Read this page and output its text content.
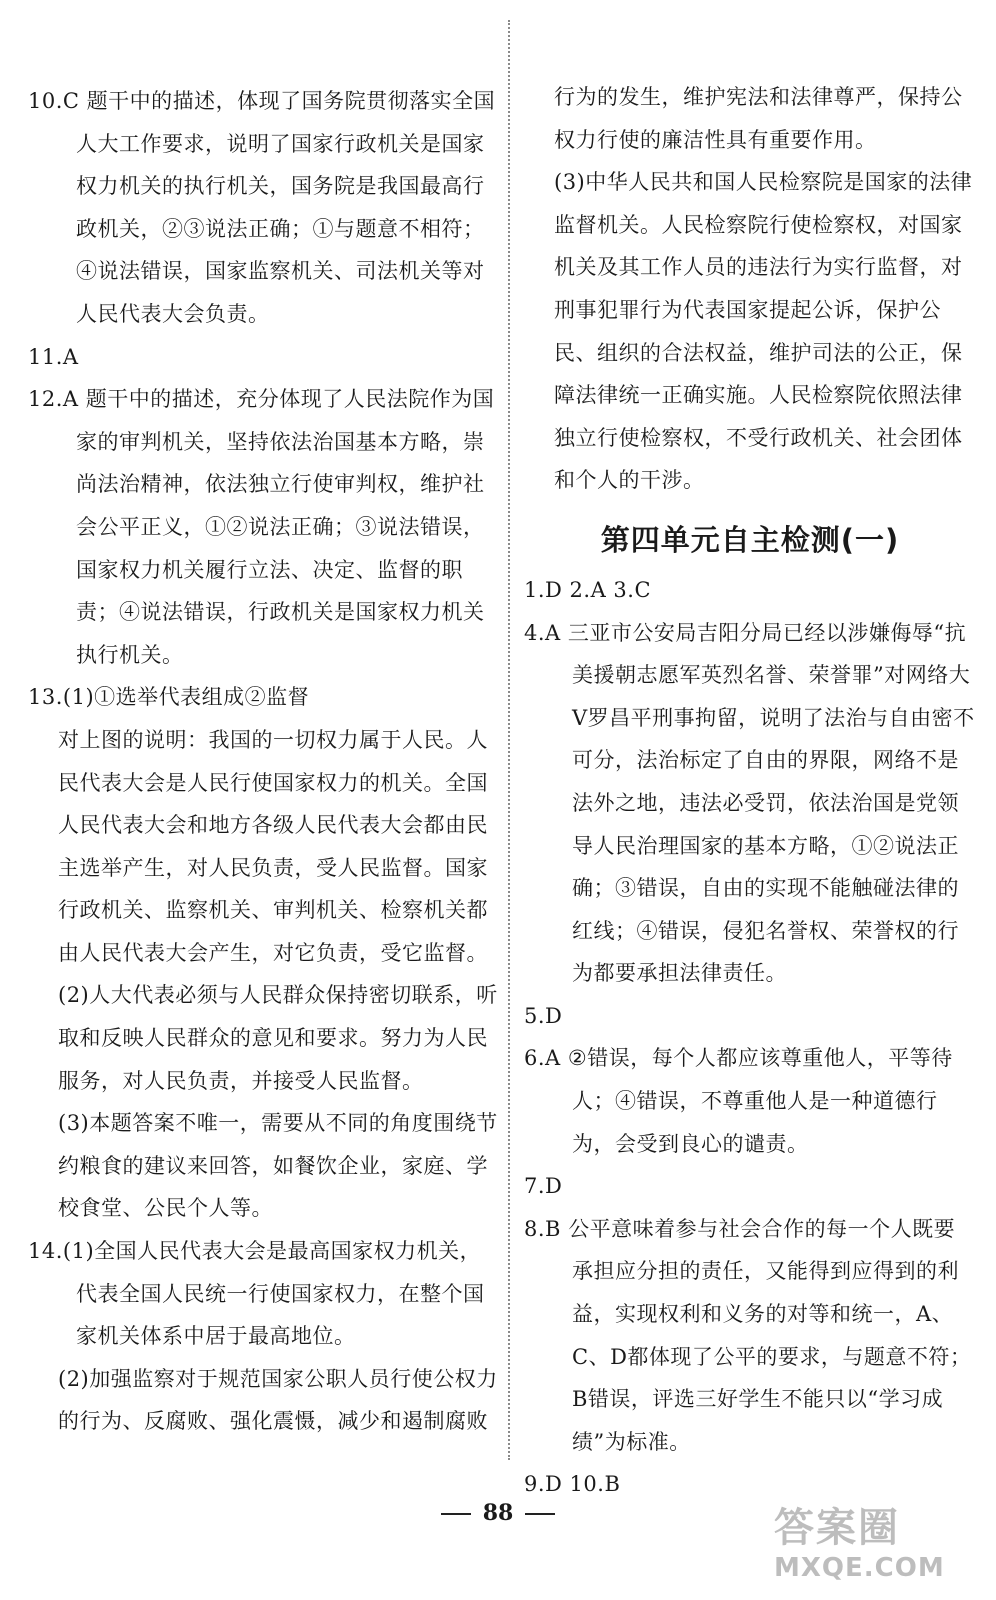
10.C 题干中的描述，体现了国务院贯彻落实全国人大工作要求，说明了国家行政机关是国家权力机关的执行机关，国务院是我国最高行政机关，②③说法正确；①与题意不相符；④说法错误，国家监察机关、司法机关等对人民代表大会负责。

11.A

12.A 题干中的描述，充分体现了人民法院作为国家的审判机关，坚持依法治国基本方略，崇尚法治精神，依法独立行使审判权，维护社会公平正义，①②说法正确；③说法错误，国家权力机关履行立法、决定、监督的职责；④说法错误，行政机关是国家权力机关执行机关。

13.(1)①选举代表组成②监督

对上图的说明：我国的一切权力属于人民。人民代表大会是人民行使国家权力的机关。全国人民代表大会和地方各级人民代表大会都由民主选举产生，对人民负责，受人民监督。国家行政机关、监察机关、审判机关、检察机关都由人民代表大会产生，对它负责，受它监督。

(2)人大代表必须与人民群众保持密切联系，听取和反映人民群众的意见和要求。努力为人民服务，对人民负责，并接受人民监督。

(3)本题答案不唯一，需要从不同的角度围绕节约粮食的建议来回答，如餐饮企业，家庭、学校食堂、公民个人等。

14.(1)全国人民代表大会是最高国家权力机关，代表全国人民统一行使国家权力，在整个国家机关体系中居于最高地位。

(2)加强监察对于规范国家公职人员行使公权力的行为、反腐败、强化震慑，减少和遏制腐败

行为的发生，维护宪法和法律尊严，保持公权力行使的廉洁性具有重要作用。

(3)中华人民共和国人民检察院是国家的法律监督机关。人民检察院行使检察权，对国家机关及其工作人员的违法行为实行监督，对刑事犯罪行为代表国家提起公诉，保护公民、组织的合法权益，维护司法的公正，保障法律统一正确实施。人民检察院依照法律独立行使检察权，不受行政机关、社会团体和个人的干涉。

第四单元自主检测(一)

1.D 2.A 3.C

4.A 三亚市公安局吉阳分局已经以涉嫌侮辱“抗美援朝志愿军英烈名誉、荣誉罪”对网络大V罗昌平刑事拘留，说明了法治与自由密不可分，法治标定了自由的界限，网络不是法外之地，违法必受罚，依法治国是党领导人民治理国家的基本方略，①②说法正确；③错误，自由的实现不能触碰法律的红线；④错误，侵犯名誉权、荣誉权的行为都要承担法律责任。

5.D

6.A ②错误，每个人都应该尊重他人，平等待人；④错误，不尊重他人是一种道德行为，会受到良心的谴责。

7.D

8.B 公平意味着参与社会合作的每一个人既要承担应分担的责任，又能得到应得到的利益，实现权利和义务的对等和统一，A、C、D都体现了公平的要求，与题意不符；B错误，评选三好学生不能只以“学习成绩”为标准。

9.D 10.B

88	答案圈
MXQE.COM
